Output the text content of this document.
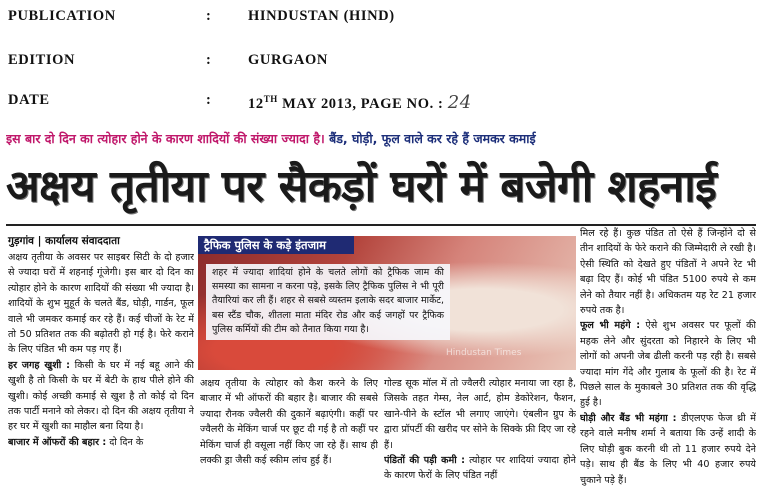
PUBLICATION	:	HINDUSTAN (HIND)
EDITION	:	GURGAON
DATE	:	12TH MAY 2013, PAGE NO. : 24
इस बार दो दिन का त्योहार होने के कारण शादियों की संख्या ज्यादा है। बैंड, घोड़ी, फूल वाले कर रहे हैं जमकर कमाई
अक्षय तृतीया पर सैकड़ों घरों में बजेगी शहनाई
गुड़गांव | कार्यालय संवाददाता

अक्षय तृतीया के अवसर पर साइबर सिटी के दो हजार से ज्यादा घरों में शहनाई गूंजेगी। इस बार दो दिन का त्योहार होने के कारण शादियों की संख्या भी ज्यादा है। शादियों के शुभ मुहूर्त के चलते बैंड, घोड़ी, गार्डन, फूल वाले भी जमकर कमाई कर रहे हैं। कई चीजों के रेट में तो 50 प्रतिशत तक की बढ़ोतरी हो गई है। फेरे कराने के लिए पंडित भी कम पड़ गए हैं।

हर जगह खुशी : किसी के घर में नई बहू आने की खुशी है तो किसी के घर में बेटी के हाथ पीले होने की खुशी। कोई अच्छी कमाई से खुश है तो कोई दो दिन तक पार्टी मनाने को लेकर। दो दिन की अक्षय तृतीया ने हर घर में खुशी का माहौल बना दिया है।

बाजार में ऑफरों की बहार : दो दिन के

ट्रैफिक पुलिस के कड़े इंतजाम
शहर में ज्यादा शादियां होने के चलते लोगों को ट्रैफिक जाम की समस्या का सामना न करना पड़े, इसके लिए ट्रैफिक पुलिस ने भी पूरी तैयारियां कर ली हैं। शहर से सबसे व्यस्तम इलाके सदर बाजार मार्केट, बस स्टैंड चौक, शीतला माता मंदिर रोड और कई जगहों पर ट्रैफिक पुलिस कर्मियों की टीम को तैनात किया गया है।
Hindustan Times

अक्षय तृतीया के त्योहार को कैश करने के लिए बाजार में भी ऑफरों की बहार है। बाजार की सबसे ज्यादा रौनक ज्वैलरी की दुकानें बढ़ाएंगी। कहीं पर ज्वैलरी के मेकिंग चार्ज पर छूट दी गई है तो कहीं पर मेकिंग चार्ज ही वसूला नहीं किए जा रहे हैं। साथ ही लक्की ड्रा जैसी कई स्कीम लांच हुई हैं।

गोल्ड सूक मॉल में तो ज्वैलरी त्योहार मनाया जा रहा है, जिसके तहत गेम्स, नेल आर्ट, होम डेकोरेशन, फैशन, खाने-पीने के स्टॉल भी लगाए जाएंगे। एंबलीन ग्रुप के द्वारा प्रॉपर्टी की खरीद पर सोने के सिक्के फ्री दिए जा रहे हैं।

पंडितों की पड़ी कमी : त्योहार पर शादियां ज्यादा होने के कारण फेरों के लिए पंडित नहीं

मिल रहे हैं। कुछ पंडित तो ऐसे हैं जिन्होंने दो से तीन शादियों के फेरे कराने की जिम्मेदारी ले रखी है। ऐसी स्थिति को देखते हुए पंडितों ने अपने रेट भी बढ़ा दिए हैं। कोई भी पंडित 5100 रुपये से कम लेने को तैयार नहीं है। अधिकतम यह रेट 21 हजार रुपये तक है।

फूल भी महंगे : ऐसे शुभ अवसर पर फूलों की महक लेने और सुंदरता को निहारने के लिए भी लोगों को अपनी जेब ढीली करनी पड़ रही है। सबसे ज्यादा मांग गेंदे और गुलाब के फूलों की है। रेट में पिछले साल के मुकाबले 30 प्रतिशत तक की वृद्धि हुई है।

घोड़ी और बैंड भी महंगा : डीएलएफ फेज थ्री में रहने वाले मनीष शर्मा ने बताया कि उन्हें शादी के लिए घोड़ी बुक करनी थी तो 11 हजार रुपये देने पड़े। साथ ही बैंड के लिए भी 40 हजार रुपये चुकाने पड़े हैं।
